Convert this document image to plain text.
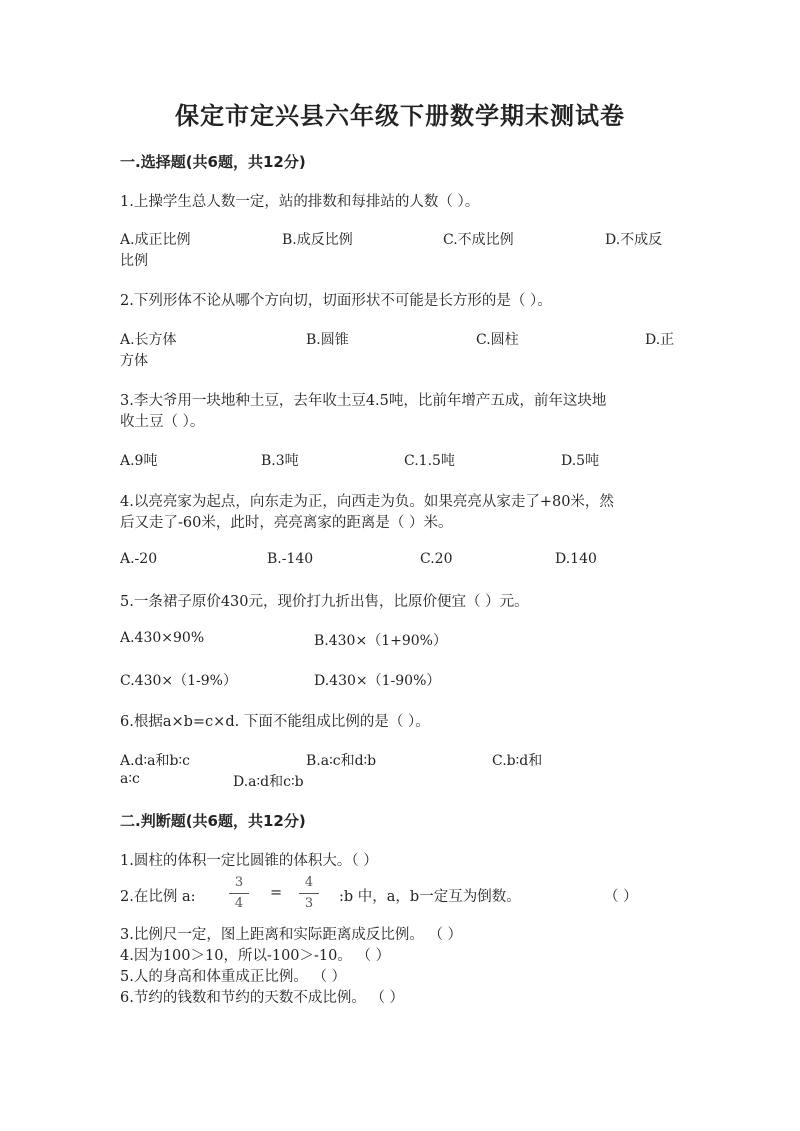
保定市定兴县六年级下册数学期末测试卷
一.选择题(共6题，共12分)
1.上操学生总人数一定，站的排数和每排站的人数（ ）。
A.成正比例	B.成反比例	C.不成比例	D.不成反
比例
2.下列形体不论从哪个方向切，切面形状不可能是长方形的是（ ）。
A.长方体	B.圆锥	C.圆柱	D.正
方体
3.李大爷用一块地种土豆，去年收土豆4.5吨，比前年增产五成，前年这块地
收土豆（ ）。
A.9吨	B.3吨	C.1.5吨	D.5吨
4.以亮亮家为起点，向东走为正，向西走为负。如果亮亮从家走了+80米，然
后又走了-60米，此时，亮亮离家的距离是（ ）米。
A.-20	B.-140	C.20	D.140
5.一条裙子原价430元，现价打九折出售，比原价便宜（ ）元。
A.430×90%	B.430×（1+90%）
C.430×（1-9%）	D.430×（1-90%）
6.根据a×b=c×d. 下面不能组成比例的是（ ）。
A.d∶a和b∶c	B.a∶c和d∶b	C.b∶d和
a∶c	D.a∶d和c∶b
二.判断题(共6题，共12分)
1.圆柱的体积一定比圆锥的体积大。（ ）
2.在比例 a:
3
4
=
4
3	:b 中，a，b一定互为倒数。	（ ）
3.比例尺一定，图上距离和实际距离成反比例。 （ ）
4.因为100＞10，所以-100＞-10。 （ ）
5.人的身高和体重成正比例。 （ ）
6.节约的钱数和节约的天数不成比例。 （ ）
